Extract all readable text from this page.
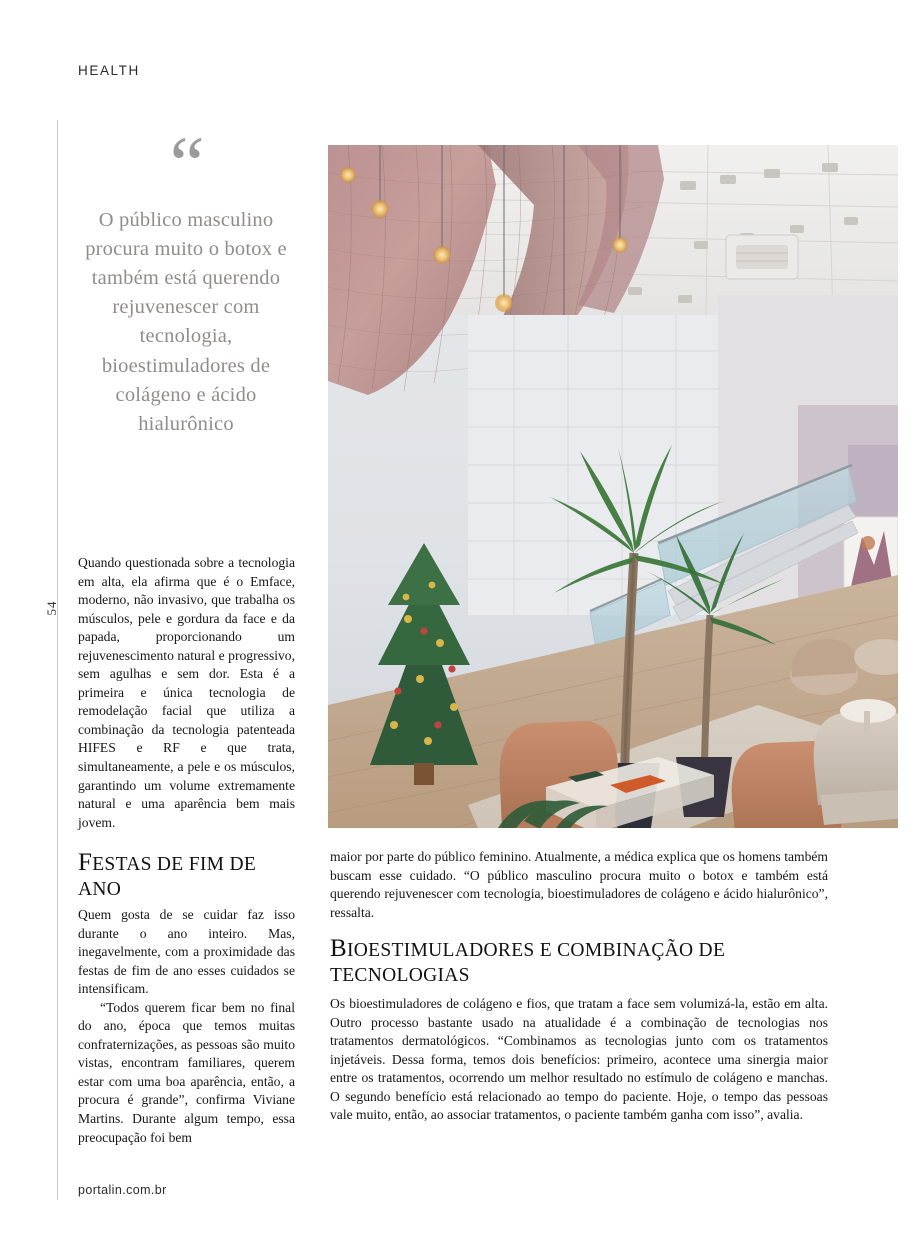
HEALTH
54
“
O público masculino procura muito o botox e também está querendo rejuvenescer com tecnologia, bioestimuladores de colágeno e ácido hialurônico

Quando questionada sobre a tecnologia em alta, ela afirma que é o Emface, moderno, não invasivo, que trabalha os músculos, pele e gordura da face e da papada, proporcionando um rejuvenescimento natural e progressivo, sem agulhas e sem dor. Esta é a primeira e única tecnologia de remodelação facial que utiliza a combinação da tecnologia patenteada HIFES e RF e que trata, simultaneamente, a pele e os músculos, garantindo um volume extremamente natural e uma aparência bem mais jovem.

FESTAS DE FIM DE ANO

Quem gosta de se cuidar faz isso durante o ano inteiro. Mas, inegavelmente, com a proximidade das festas de fim de ano esses cuidados se intensificam.

“Todos querem ficar bem no final do ano, época que temos muitas confraternizações, as pessoas são muito vistas, encontram familiares, querem estar com uma boa aparência, então, a procura é grande”, confirma Viviane Martins. Durante algum tempo, essa preocupação foi bem

maior por parte do público feminino. Atualmente, a médica explica que os homens também buscam esse cuidado. “O público masculino procura muito o botox e também está querendo rejuvenescer com tecnologia, bioestimuladores de colágeno e ácido hialurônico”, ressalta.

BIOESTIMULADORES E COMBINAÇÃO DE TECNOLOGIAS

Os bioestimuladores de colágeno e fios, que tratam a face sem volumizá-la, estão em alta. Outro processo bastante usado na atualidade é a combinação de tecnologias nos tratamentos dermatológicos. “Combinamos as tecnologias junto com os tratamentos injetáveis. Dessa forma, temos dois benefícios: primeiro, acontece uma sinergia maior entre os tratamentos, ocorrendo um melhor resultado no estímulo de colágeno e manchas. O segundo benefício está relacionado ao tempo do paciente. Hoje, o tempo das pessoas vale muito, então, ao associar tratamentos, o paciente também ganha com isso”, avalia.

portalin.com.br
